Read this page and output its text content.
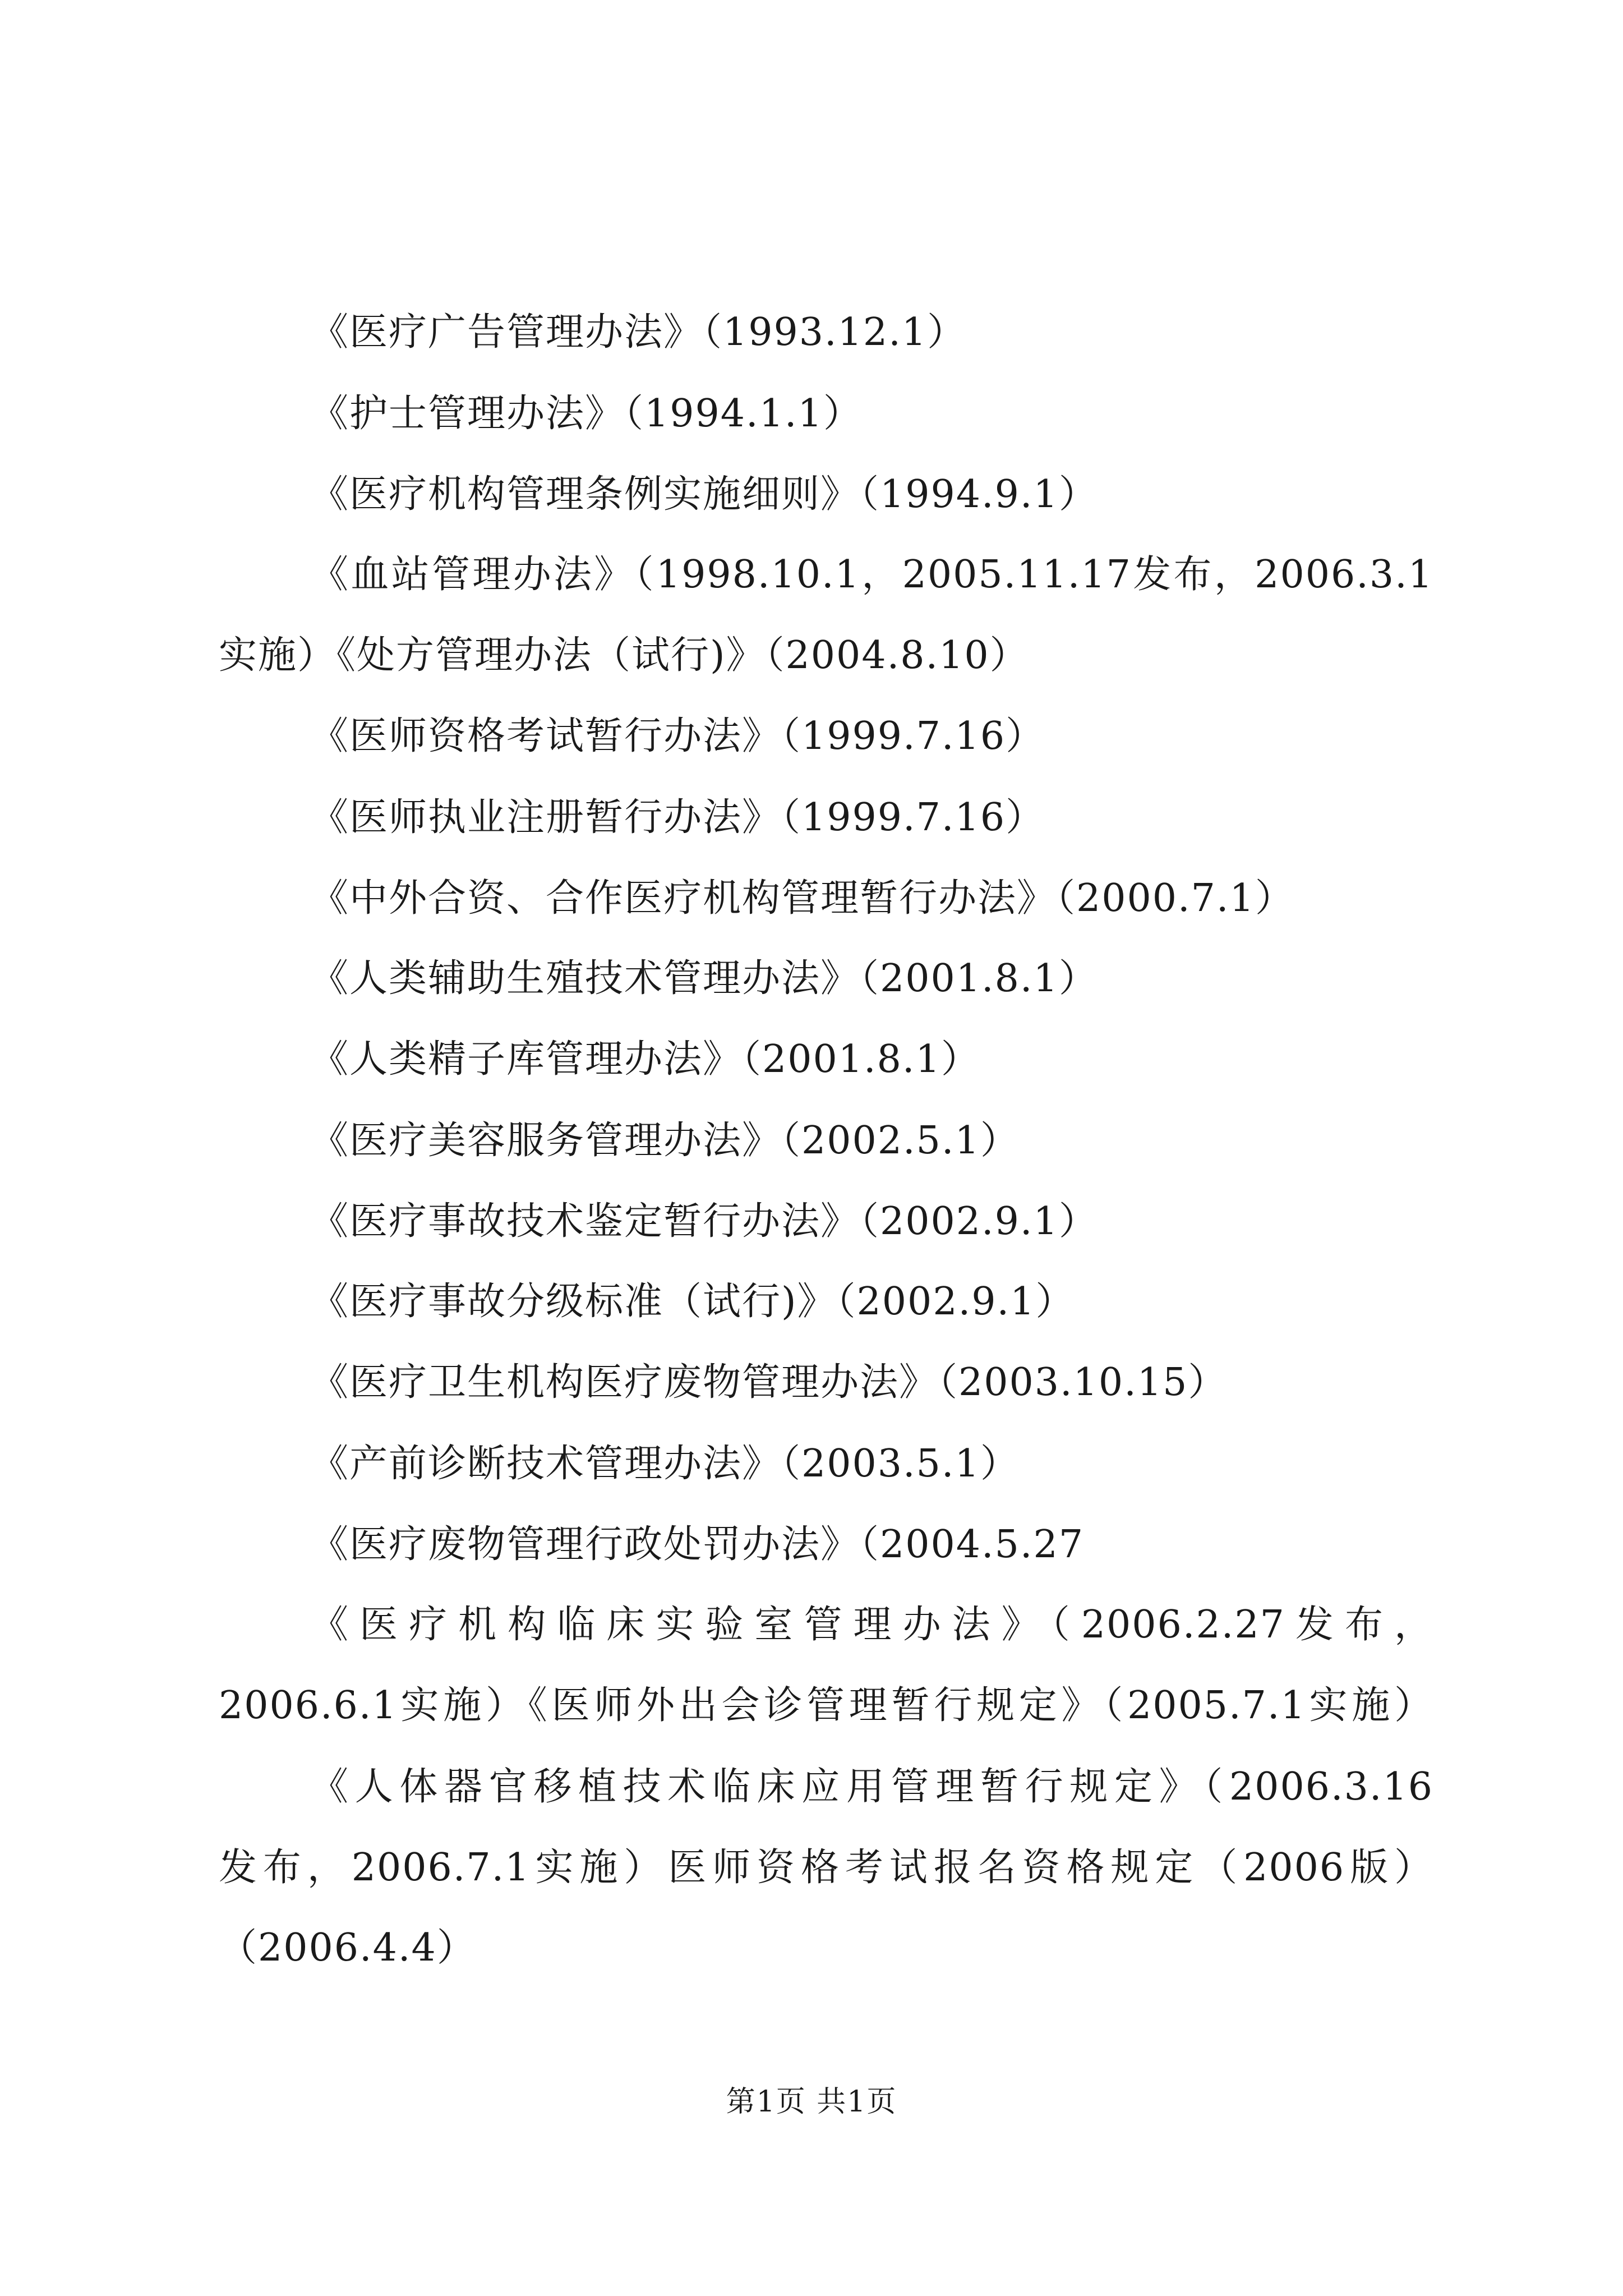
《医疗广告管理办法》（1993.12.1）
《护士管理办法》（1994.1.1）
《医疗机构管理条例实施细则》（1994.9.1）
《血站管理办法》（1998.10.1，2005.11.17发布，2006.3.1
实施）《处方管理办法（试行)》（2004.8.10）
《医师资格考试暂行办法》（1999.7.16）
《医师执业注册暂行办法》（1999.7.16）
《中外合资、合作医疗机构管理暂行办法》（2000.7.1）
《人类辅助生殖技术管理办法》（2001.8.1）
《人类精子库管理办法》（2001.8.1）
《医疗美容服务管理办法》（2002.5.1）
《医疗事故技术鉴定暂行办法》（2002.9.1）
《医疗事故分级标准（试行)》（2002.9.1）
《医疗卫生机构医疗废物管理办法》（2003.10.15）
《产前诊断技术管理办法》（2003.5.1）
《医疗废物管理行政处罚办法》（2004.5.27
《医疗机构临床实验室管理办法》（2006.2.27发布，
2006.6.1实施）《医师外出会诊管理暂行规定》（2005.7.1实施）
《人体器官移植技术临床应用管理暂行规定》（2006.3.16
发布，2006.7.1实施）医师资格考试报名资格规定（2006版）
（2006.4.4）
第1页 共1页
